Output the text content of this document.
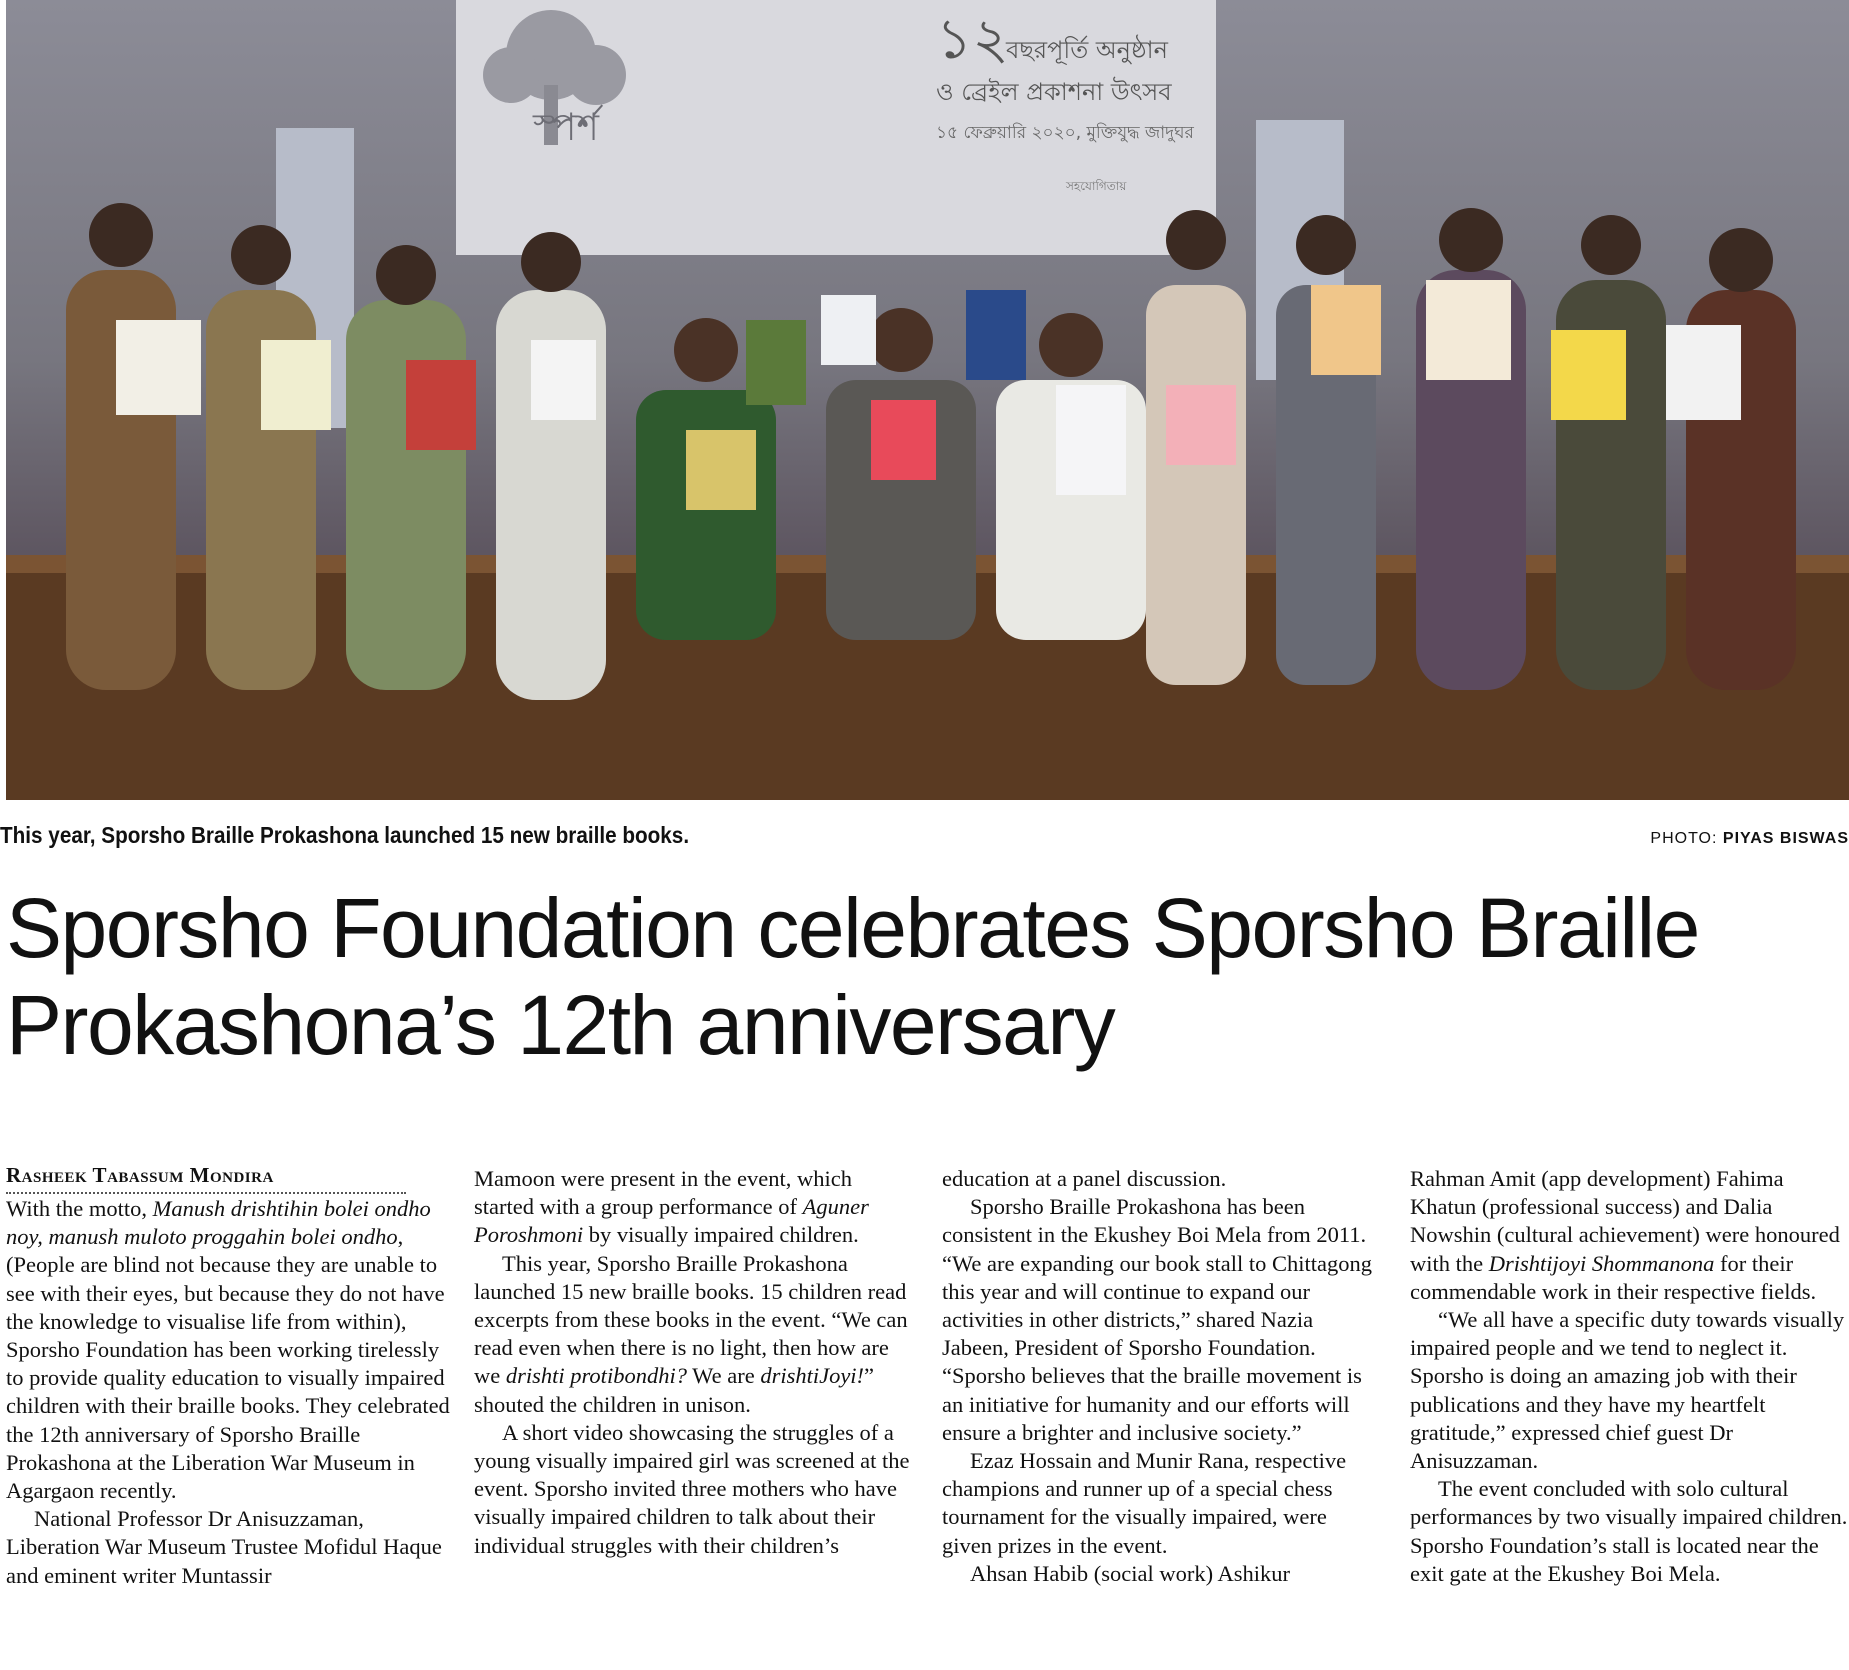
স্পর্শ
১২
বছরপূর্তি অনুষ্ঠান
ও ব্রেইল প্রকাশনা উৎসব
১৫ ফেব্রুয়ারি ২০২০, মুক্তিযুদ্ধ জাদুঘর
সহযোগিতায়
This year, Sporsho Braille Prokashona launched 15 new braille books.	PHOTO: PIYAS BISWAS
Sporsho Foundation celebrates Sporsho Braille Prokashona’s 12th anniversary
Rasheek Tabassum Mondira

With the motto, Manush drishtihin bolei ondho noy, manush muloto proggahin bolei ondho, (People are blind not because they are unable to see with their eyes, but because they do not have the knowledge to visualise life from within), Sporsho Foundation has been working tirelessly to provide quality education to visually impaired children with their braille books. They celebrated the 12th anniversary of Sporsho Braille Prokashona at the Liberation War Museum in Agargaon recently.

National Professor Dr Anisuzzaman, Liberation War Museum Trustee Mofidul Haque and eminent writer Muntassir

Mamoon were present in the event, which started with a group performance of Aguner Poroshmoni by visually impaired children.

This year, Sporsho Braille Prokashona launched 15 new braille books. 15 children read excerpts from these books in the event. “We can read even when there is no light, then how are we drishti protibondhi? We are drishtiJoyi!” shouted the children in unison.

A short video showcasing the struggles of a young visually impaired girl was screened at the event. Sporsho invited three mothers who have visually impaired children to talk about their individual struggles with their children’s

education at a panel discussion.

Sporsho Braille Prokashona has been consistent in the Ekushey Boi Mela from 2011. “We are expanding our book stall to Chittagong this year and will continue to expand our activities in other districts,” shared Nazia Jabeen, President of Sporsho Foundation. “Sporsho believes that the braille movement is an initiative for humanity and our efforts will ensure a brighter and inclusive society.”

Ezaz Hossain and Munir Rana, respective champions and runner up of a special chess tournament for the visually impaired, were given prizes in the event.

Ahsan Habib (social work) Ashikur

Rahman Amit (app development) Fahima Khatun (professional success) and Dalia Nowshin (cultural achievement) were honoured with the Drishtijoyi Shommanona for their commendable work in their respective fields.

“We all have a specific duty towards visually impaired people and we tend to neglect it. Sporsho is doing an amazing job with their publications and they have my heartfelt gratitude,” expressed chief guest Dr Anisuzzaman.

The event concluded with solo cultural performances by two visually impaired children. Sporsho Foundation’s stall is located near the exit gate at the Ekushey Boi Mela.
